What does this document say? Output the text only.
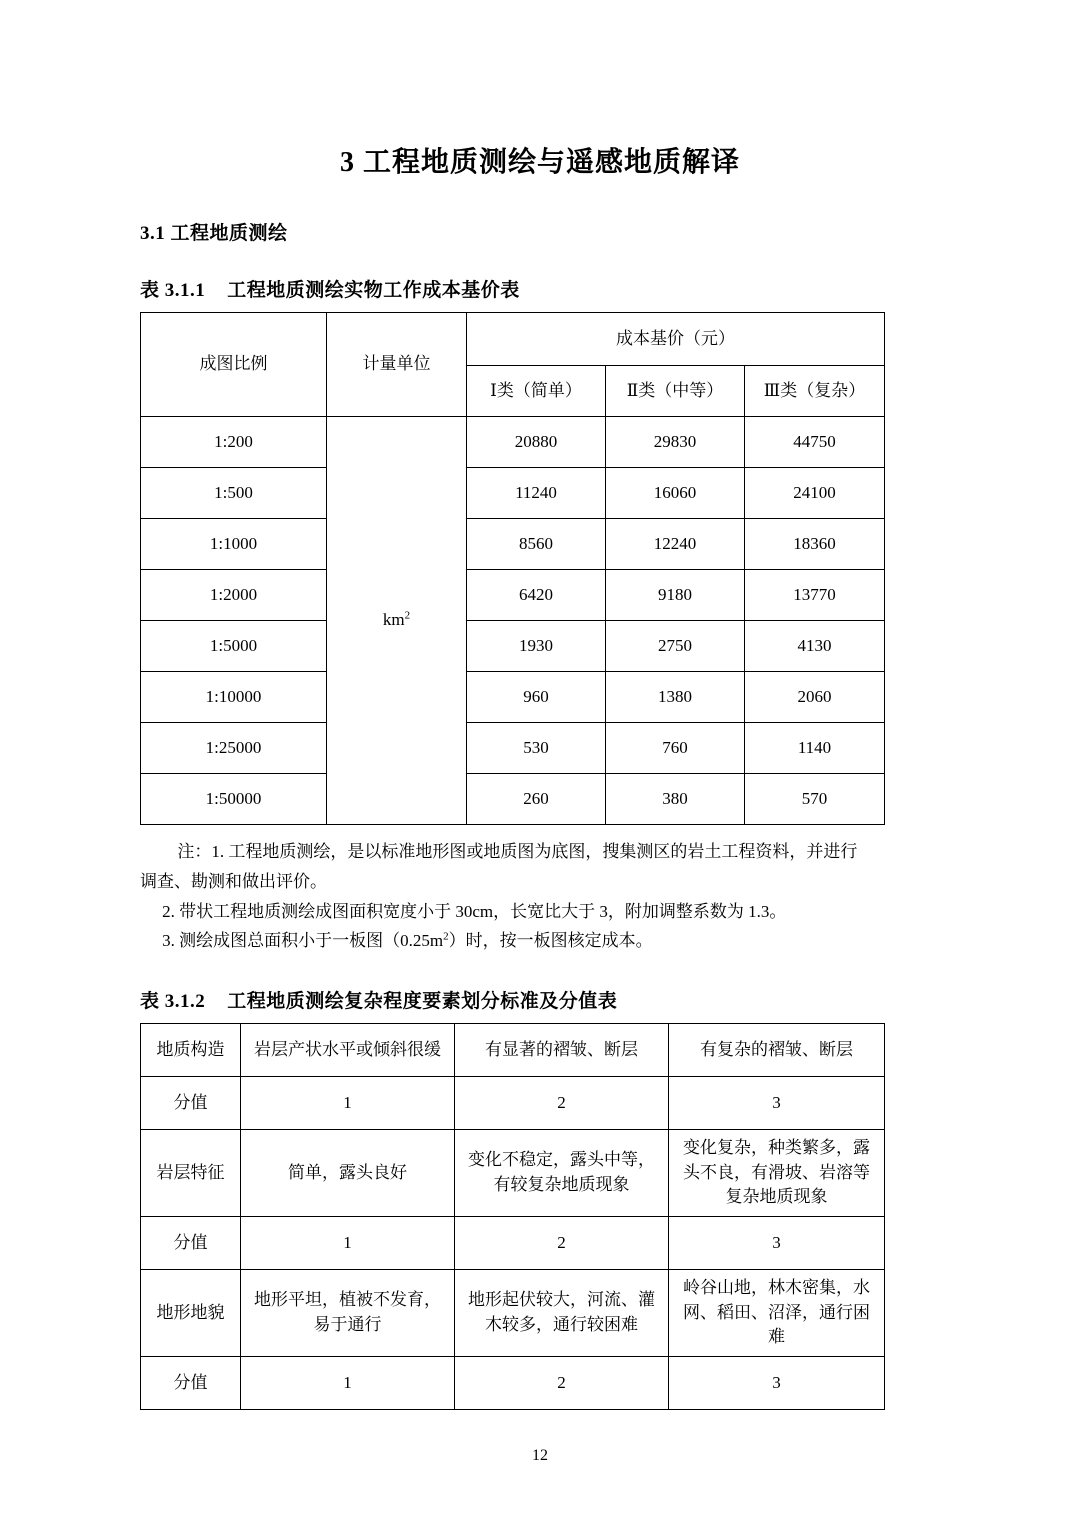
3 工程地质测绘与遥感地质解译
3.1 工程地质测绘
表 3.1.1 工程地质测绘实物工作成本基价表
成图比例	计量单位	成本基价（元）		
		Ⅰ类（简单）	Ⅱ类（中等）	Ⅲ类（复杂）
1:200	$km^2$	20880	29830	44750
1:500		11240	16060	24100
1:1000		8560	12240	18360
1:2000		6420	9180	13770
1:5000		1930	2750	4130
1:10000		960	1380	2060
1:25000		530	760	1140
1:50000		260	380	570
注：1. 工程地质测绘，是以标准地形图或地质图为底图，搜集测区的岩土工程资料，并进行
调查、勘测和做出评价。
2. 带状工程地质测绘成图面积宽度小于 30cm，长宽比大于 3，附加调整系数为 1.3。
3. 测绘成图总面积小于一板图$(0.25m^2)$时，按一板图核定成本。
表 3.1.2 工程地质测绘复杂程度要素划分标准及分值表
地质构造	岩层产状水平或倾斜很缓	有显著的褶皱、断层	有复杂的褶皱、断层
分值	1	2	3
岩层特征	简单，露头良好	变化不稳定，露头中等，有较复杂地质现象	变化复杂，种类繁多，露头不良，有滑坡、岩溶等复杂地质现象
分值	1	2	3
地形地貌	地形平坦，植被不发育，易于通行	地形起伏较大，河流、灌木较多，通行较困难	岭谷山地，林木密集，水网、稻田、沼泽，通行困难
分值	1	2	3
12
